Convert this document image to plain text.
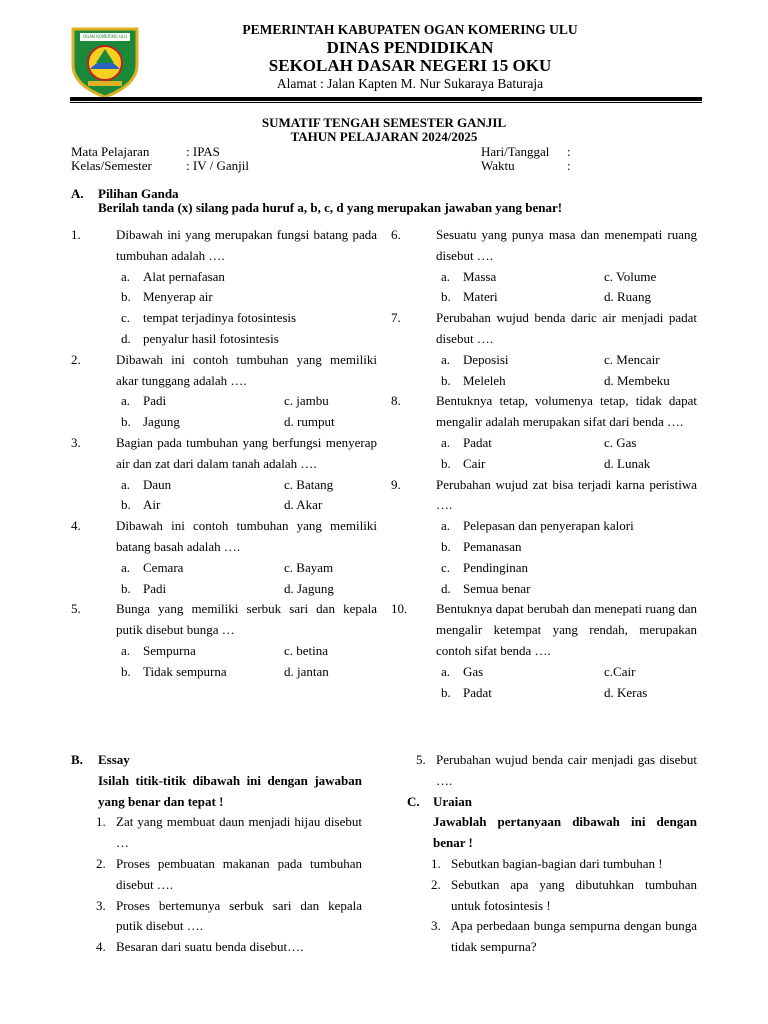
OGAN KOMERING ULU	PEMERINTAH KABUPATEN OGAN KOMERING ULU
DINAS PENDIDIKAN
SEKOLAH DASAR NEGERI 15 OKU
Alamat : Jalan Kapten M. Nur Sukaraya Baturaja
SUMATIF TENGAH SEMESTER GANJIL
TAHUN PELAJARAN 2024/2025
Mata Pelajaran	: IPAS
Kelas/Semester	: IV / Ganjil
Hari/Tanggal :
Waktu	:
A. Pilihan Ganda
Berilah tanda (x) silang pada huruf a, b, c, d yang merupakan jawaban yang benar!
1.	Dibawah ini yang merupakan fungsi batang pada tumbuhan adalah ….
a. Alat pernafasan
b. Menyerap air
c. tempat terjadinya fotosintesis
d. penyalur hasil fotosintesis
2.	Dibawah ini contoh tumbuhan yang memiliki akar tunggang adalah ….
a. Padi	c. jambu
b. Jagung	d. rumput
3.	Bagian pada tumbuhan yang berfungsi menyerap air dan zat dari dalam tanah adalah ….
a. Daun	c. Batang
b. Air	d. Akar
4.	Dibawah ini contoh tumbuhan yang memiliki batang basah adalah ….
a. Cemara	c. Bayam
b. Padi	d. Jagung
5.	Bunga yang memiliki serbuk sari dan kepala putik disebut bunga …
a. Sempurna	c. betina
b. Tidak sempurna	d. jantan
6.	Sesuatu yang punya masa dan menempati ruang disebut ….
a. Massa	c. Volume
b. Materi	d. Ruang
7.	Perubahan wujud benda daric air menjadi padat disebut ….
a. Deposisi	c. Mencair
b. Meleleh	d. Membeku
8.	Bentuknya tetap, volumenya tetap, tidak dapat mengalir adalah merupakan sifat dari benda ….
a. Padat	c. Gas
b. Cair	d. Lunak
9.	Perubahan wujud zat bisa terjadi karna peristiwa ….
a. Pelepasan dan penyerapan kalori
b. Pemanasan
c. Pendinginan
d. Semua benar
10.	Bentuknya dapat berubah dan menepati ruang dan mengalir ketempat yang rendah, merupakan contoh sifat benda ….
a. Gas	c.Cair
b. Padat	d. Keras
B. Essay
Isilah titik-titik dibawah ini dengan jawaban yang benar dan tepat !
1. Zat yang membuat daun menjadi hijau disebut …
2. Proses pembuatan makanan pada tumbuhan disebut ….
3. Proses bertemunya serbuk sari dan kepala putik disebut ….
4. Besaran dari suatu benda disebut….
5. Perubahan wujud benda cair menjadi gas disebut ….
C. Uraian
Jawablah pertanyaan dibawah ini dengan benar !
1. Sebutkan bagian-bagian dari tumbuhan !
2. Sebutkan apa yang dibutuhkan tumbuhan untuk fotosintesis !
3. Apa perbedaan bunga sempurna dengan bunga tidak sempurna?
